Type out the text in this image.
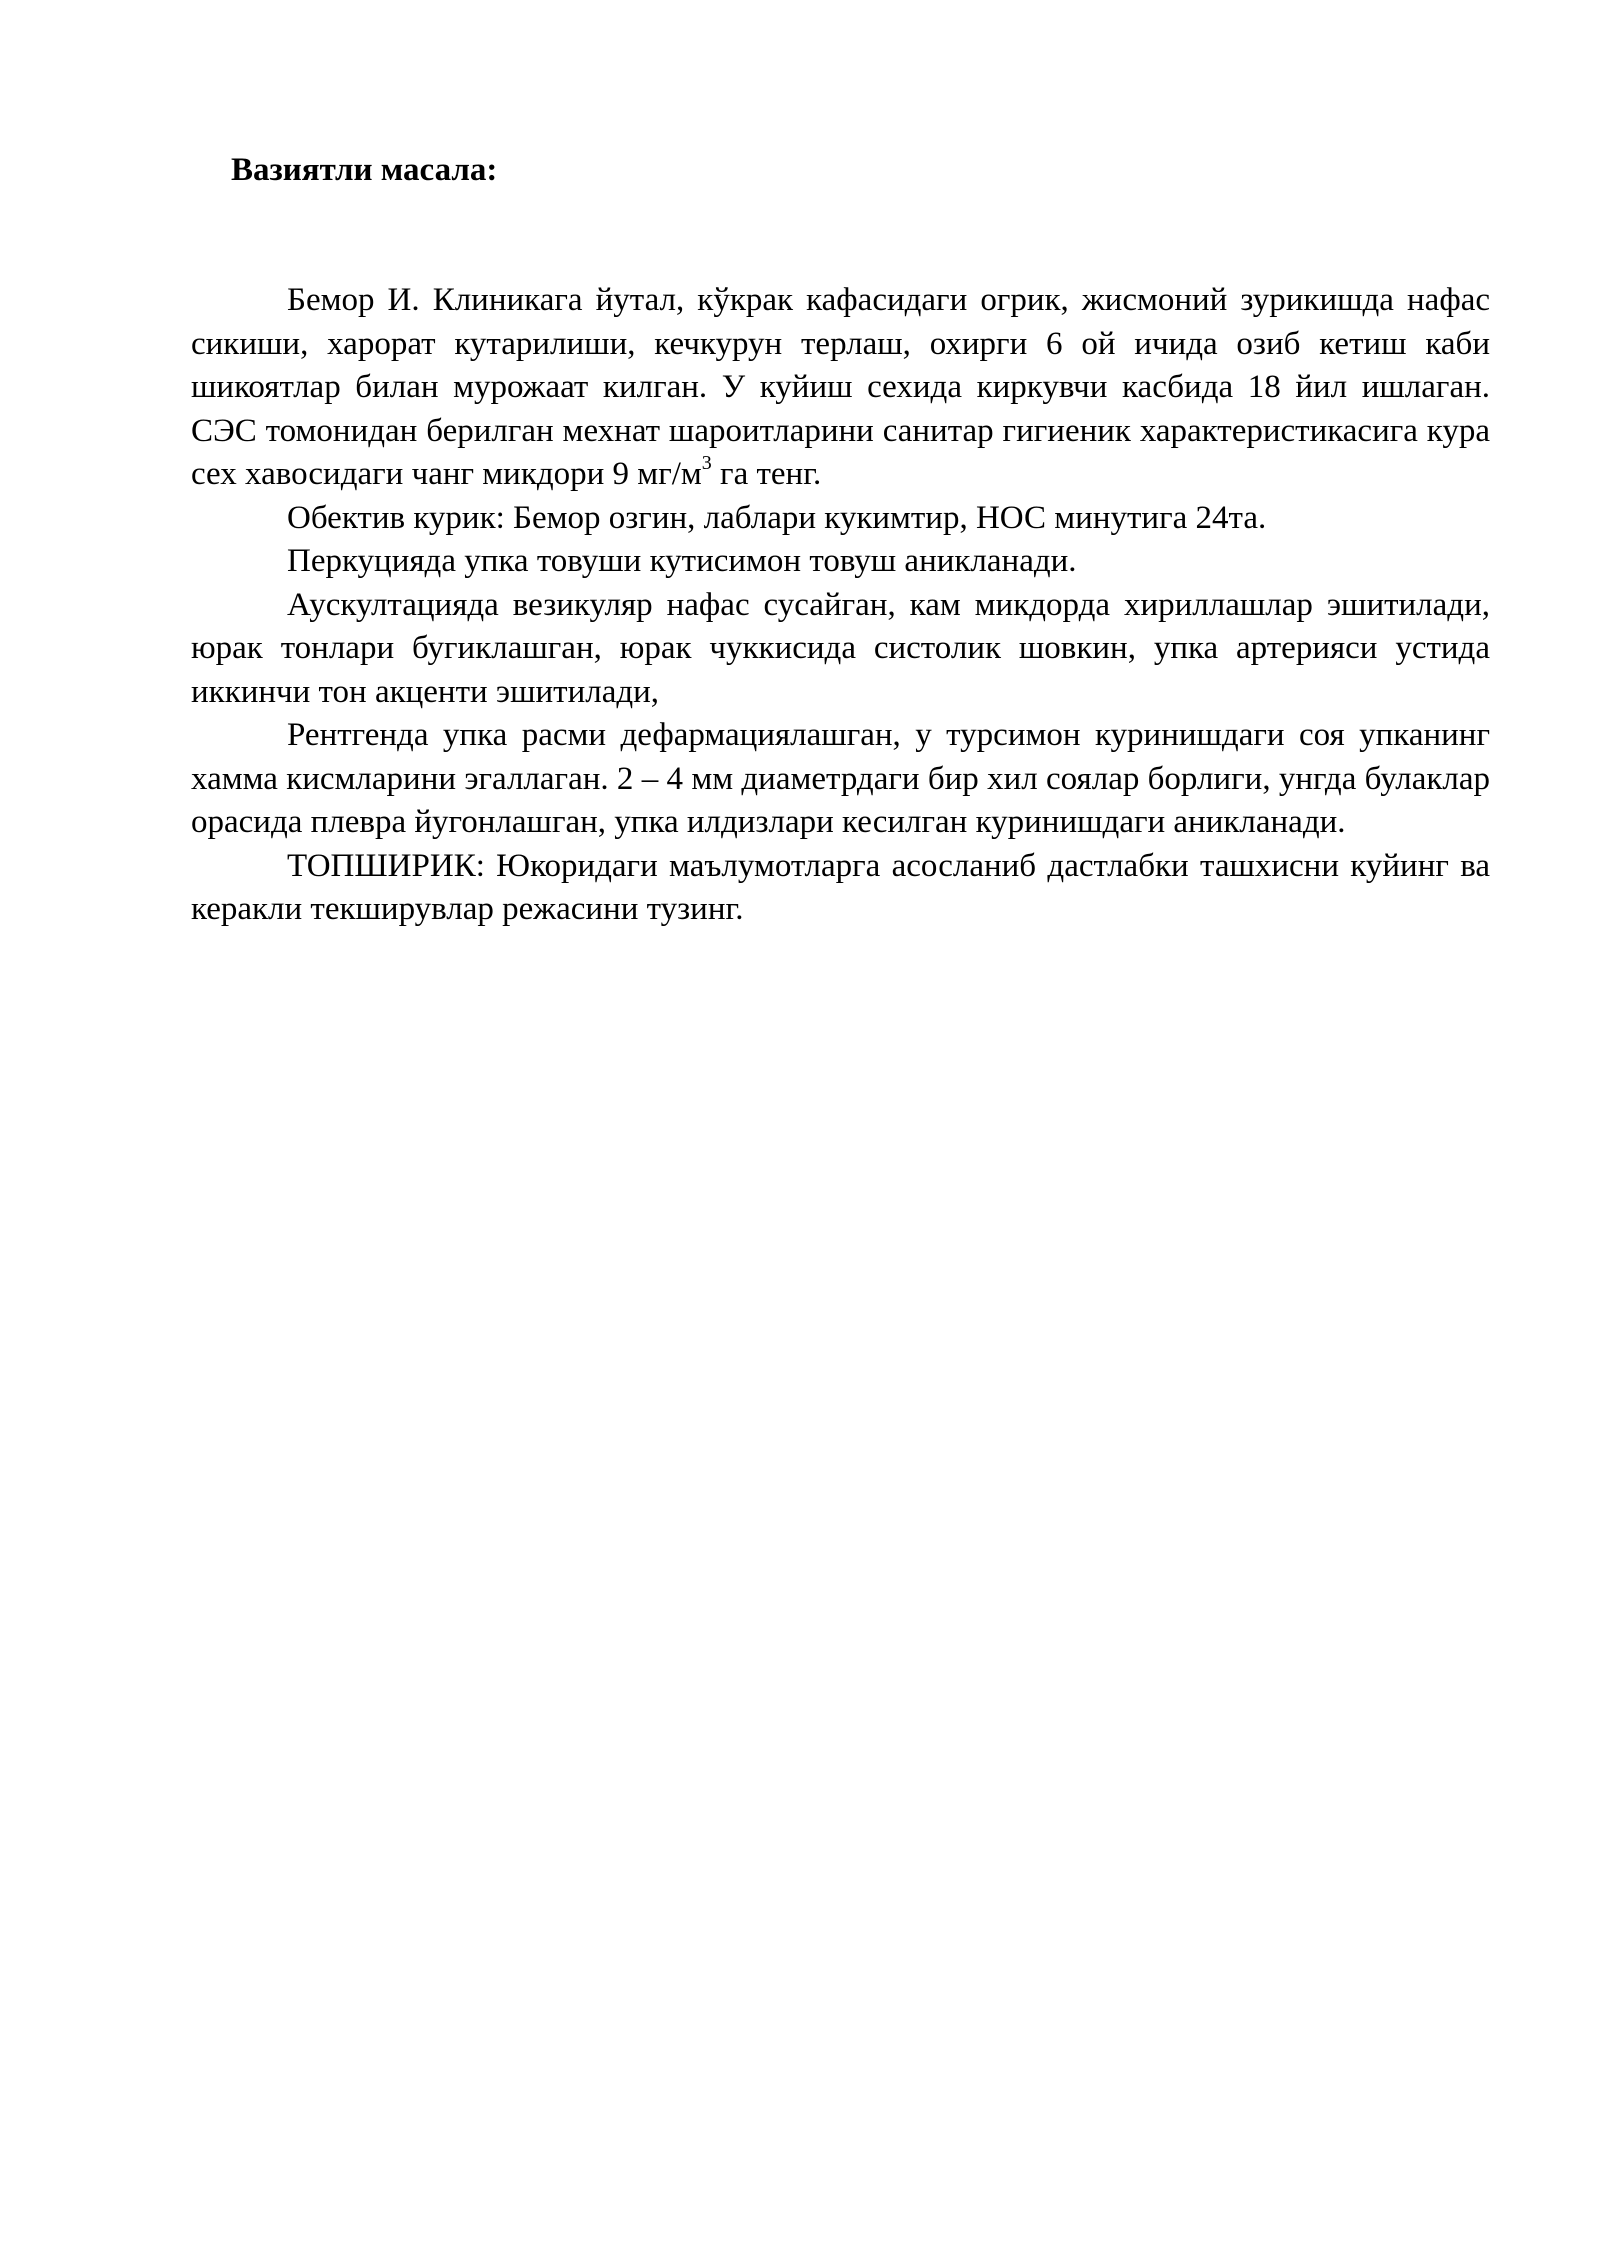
Вазиятли масала:

Бемор И. Клиникага йутал, кўкрак кафасидаги огрик, жисмоний зурикишда нафас сикиши, харорат кутарилиши, кечкурун терлаш, охирги 6 ой ичида озиб кетиш каби шикоятлар билан мурожаат килган. У куйиш сехида киркувчи касбида 18 йил ишлаган. СЭС томонидан берилган мехнат шароитларини санитар гигиеник характеристикасига кура сех хавосидаги чанг микдори 9 $мг/м^3$ га тенг.

Обектив курик: Бемор озгин, лаблари кукимтир, НОС минутига 24та.

Перкуцияда упка товуши кутисимон товуш аникланади.

Аускултацияда везикуляр нафас сусайган, кам микдорда хириллашлар эшитилади, юрак тонлари бугиклашган, юрак чуккисида систолик шовкин, упка артерияси устида иккинчи тон акценти эшитилади,

Рентгенда упка расми дефармациялашган, у турсимон куринишдаги соя упканинг хамма кисмларини эгаллаган. 2 – 4 мм диаметрдаги бир хил соялар борлиги, унгда булаклар орасида плевра йугонлашган, упка илдизлари кесилган куринишдаги аникланади.

ТОПШИРИК: Юкоридаги маълумотларга асосланиб дастлабки ташхисни куйинг ва керакли текширувлар режасини тузинг.
